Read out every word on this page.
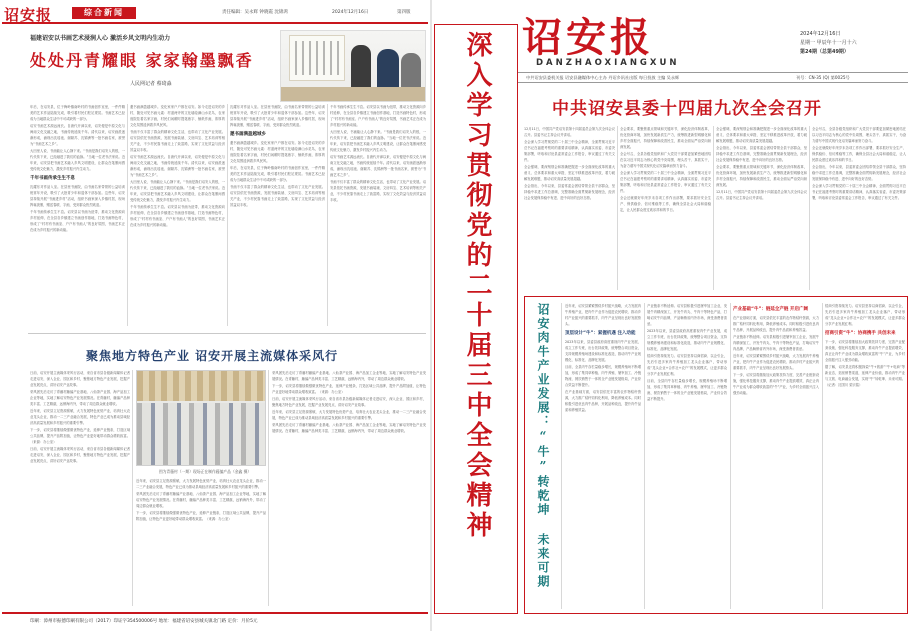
诏安报	综合新闻	责任编辑：吴永辉 钟晓霞 沈锦鸿	2024年12月16日	第四版
福建诏安以书画艺术浸润人心 激活乡风文明内生动力
处处丹青耀眼 家家翰墨飘香
人民网记者 蔡琦淼

年后，在诏安县，位于梅岭镇南岭村的书画创作室里，一件件精美的艺术作品陆续完成，吸引着村民们驻足观赏。书画艺术已经成为当地群众生活中不可或缺的一部分。

诏安书画艺术源远流长。自唐代开漳以来，诏安便是中原文化与闽南文化交融之地，书画传统延续千年。清代以来，诏安画派逐渐形成，涌现出沈瑶池、谢颖苏、沈锦洲等一批书画名家，被誉为“书画艺术之乡”。

大田里人说，书画能让人心静下来。“书画是我们诏安人的根，一代代传下来，已经融进了我们的血脉。”当地一位老书法家说。近年来，诏安县把书画艺术融入乡风文明建设，让群众在笔墨间感受传统文化魅力，激发乡村振兴内生动力。

千年书画传承生生不息

沈耀东对作品入室。在县里书画院，由书画名家带领的公益培训班常年开设，吸引了大批青少年和退休干部参加。这些年，诏安县持续开展“书画进乡村”活动，组织书画家深入乡镇村居，现场挥毫泼墨，赠送春联、字画，受到群众热烈欢迎。

千年书画传承生生不息。诏安县以书画为纽带，推动文化资源向乡村延伸，在全县各乡镇建立书画创作基地，打造书画特色村，形成了“村村有书画室、户户有书画人”的良好氛围，书画艺术正在成为乡村振兴的新动能。

邀书画满盈越城乡。变化家家户户都在诏安。如今走进诏安的乡村，随处可见书画元素：村道两旁的文化墙绘满山水花鸟，农家庭院挂着名家字画，村民们闲暇时提笔练字、铺纸作画，浓厚的文化氛围浸润着乡风民风。

书画不仅丰富了群众的精神文化生活，也带动了文化产业发展。诏安县依托书画资源，发展书画装裱、文房四宝、艺术培训等相关产业，不少村民靠书画走上了致富路，实现了文化效益与经济效益双丰收。

诏安书画艺术源远流长。自唐代开漳以来，诏安便是中原文化与闽南文化交融之地，书画传统延续千年。清代以来，诏安画派逐渐形成，涌现出沈瑶池、谢颖苏、沈锦洲等一批书画名家，被誉为“书画艺术之乡”。

大田里人说，书画能让人心静下来。“书画是我们诏安人的根，一代代传下来，已经融进了我们的血脉。”当地一位老书法家说。近年来，诏安县把书画艺术融入乡风文明建设，让群众在笔墨间感受传统文化魅力，激发乡村振兴内生动力。

千年书画传承生生不息。诏安县以书画为纽带，推动文化资源向乡村延伸，在全县各乡镇建立书画创作基地，打造书画特色村，形成了“村村有书画室、户户有书画人”的良好氛围，书画艺术正在成为乡村振兴的新动能。

沈耀东对作品入室。在县里书画院，由书画名家带领的公益培训班常年开设，吸引了大批青少年和退休干部参加。这些年，诏安县持续开展“书画进乡村”活动，组织书画家深入乡镇村居，现场挥毫泼墨，赠送春联、字画，受到群众热烈欢迎。

邀书画满盈越城乡

邀书画满盈越城乡。变化家家户户都在诏安。如今走进诏安的乡村，随处可见书画元素：村道两旁的文化墙绘满山水花鸟，农家庭院挂着名家字画，村民们闲暇时提笔练字、铺纸作画，浓厚的文化氛围浸润着乡风民风。

年后，在诏安县，位于梅岭镇南岭村的书画创作室里，一件件精美的艺术作品陆续完成，吸引着村民们驻足观赏。书画艺术已经成为当地群众生活中不可或缺的一部分。

书画不仅丰富了群众的精神文化生活，也带动了文化产业发展。诏安县依托书画资源，发展书画装裱、文房四宝、艺术培训等相关产业，不少村民靠书画走上了致富路，实现了文化效益与经济效益双丰收。

千年书画传承生生不息。诏安县以书画为纽带，推动文化资源向乡村延伸，在全县各乡镇建立书画创作基地，打造书画特色村，形成了“村村有书画室、户户有书画人”的良好氛围，书画艺术正在成为乡村振兴的新动能。

大田里人说，书画能让人心静下来。“书画是我们诏安人的根，一代代传下来，已经融进了我们的血脉。”当地一位老书法家说。近年来，诏安县把书画艺术融入乡风文明建设，让群众在笔墨间感受传统文化魅力，激发乡村振兴内生动力。

诏安书画艺术源远流长。自唐代开漳以来，诏安便是中原文化与闽南文化交融之地，书画传统延续千年。清代以来，诏安画派逐渐形成，涌现出沈瑶池、谢颖苏、沈锦洲等一批书画名家，被誉为“书画艺术之乡”。

书画不仅丰富了群众的精神文化生活，也带动了文化产业发展。诏安县依托书画资源，发展书画装裱、文房四宝、艺术培训等相关产业，不少村民靠书画走上了致富路，实现了文化效益与经济效益双丰收。

聚焦地方特色产业 诏安开展主流媒体采风行

日前，诏安开展主流媒体采风行活动，来自省市县各级新闻媒体记者走进诏安，深入企业、园区和乡村，聚焦地方特色产业发展，挖掘产业发展亮点，讲好诏安产业故事。

采风团先后走访了青藤村藤编产业基地、八仙茶产业园、海产品加工企业等地，实地了解诏安特色产业发展情况。在青藤村，藤编产品种类丰富、工艺精湛，远销海内外，带动了周边群众就业增收。

近年来，诏安县立足资源禀赋，大力发展特色优势产业，培育壮大农业龙头企业，推动一二三产业融合发展，特色产业已成为推动县域经济高质量发展和乡村振兴的重要引擎。

下一步，诏安县将继续做强做优特色产业，延伸产业链条，打造区域公共品牌，提升产品附加值，让特色产业更好地带动群众增收致富。（来源：办公室）

日前，诏安开展主流媒体采风行活动，来自省市县各级新闻媒体记者走进诏安，深入企业、园区和乡村，聚焦地方特色产业发展，挖掘产业发展亮点，讲好诏安产业故事。

图为青藤村（一期）现场正在制作藤编产品（金鑫 摄）

近年来，诏安县立足资源禀赋，大力发展特色优势产业，培育壮大农业龙头企业，推动一二三产业融合发展，特色产业已成为推动县域经济高质量发展和乡村振兴的重要引擎。

采风团先后走访了青藤村藤编产业基地、八仙茶产业园、海产品加工企业等地，实地了解诏安特色产业发展情况。在青藤村，藤编产品种类丰富、工艺精湛，远销海内外，带动了周边群众就业增收。

下一步，诏安县将继续做强做优特色产业，延伸产业链条，打造区域公共品牌，提升产品附加值，让特色产业更好地带动群众增收致富。（来源：办公室）

采风团先后走访了青藤村藤编产业基地、八仙茶产业园、海产品加工企业等地，实地了解诏安特色产业发展情况。在青藤村，藤编产品种类丰富、工艺精湛，远销海内外，带动了周边群众就业增收。

下一步，诏安县将继续做强做优特色产业，延伸产业链条，打造区域公共品牌，提升产品附加值，让特色产业更好地带动群众增收致富。（来源：办公室）

日前，诏安开展主流媒体采风行活动，来自省市县各级新闻媒体记者走进诏安，深入企业、园区和乡村，聚焦地方特色产业发展，挖掘产业发展亮点，讲好诏安产业故事。

近年来，诏安县立足资源禀赋，大力发展特色优势产业，培育壮大农业龙头企业，推动一二三产业融合发展，特色产业已成为推动县域经济高质量发展和乡村振兴的重要引擎。

采风团先后走访了青藤村藤编产业基地、八仙茶产业园、海产品加工企业等地，实地了解诏安特色产业发展情况。在青藤村，藤编产品种类丰富、工艺精湛，远销海内外，带动了周边群众就业增收。

印刷：漳州市振德印刷有限公司（2017）印证字354500006号 地址：福建省诏安县城关镇北门路 定价：月价5元
诏安报
DANZHAOXIANGXUN
2024年12月16日
星期一 甲辰年十一月十六
第24期（总第49期）
中共诏安县委机关报 诏安县融媒体中心主办 丹诏乡讯社出版 每日投放 主编 吴永辉	刊号：CN-35 (Q) 第0025号
深入学习贯彻党的二十届三中全会精神	中共诏安县委十四届九次全会召开

12月11日，中国共产党诏安县第十四届委员会第九次全体会议召开。县委书记主持会议并讲话。

全会深入学习贯彻党的二十届三中全会精神，全面贯彻习近平总书记在福建考察时的重要讲话精神，认真落实省委、市委决策部署，听取和讨论县委常委会工作报告，审议通过了有关文件。

全会强调，要深刻领会和准确把握进一步全面深化改革的重大意义、总体要求和重大举措，坚定不移推进改革开放，着力破解发展难题，推动诏安高质量发展超越。

全会指出，今年以来，县委常委会团结带领全县干部群众，坚持稳中求进工作总基调，完整准确全面贯彻新发展理念，经济社会发展保持稳中有进、进中向好的良好态势。

全会要求，要聚焦重点领域和关键环节，深化经济体制改革，优化营商环境，加快发展新质生产力，统筹推进新型城镇化和乡村全面振兴，持续保障和改善民生，推动全面从严治党向纵深发展。

全会号召，全县各级党组织和广大党员干部要更加紧密地团结在以习近平同志为核心的党中央周围，埋头苦干、真抓实干，为奋力谱写中国式现代化诏安篇章而努力奋斗。

全会深入学习贯彻党的二十届三中全会精神，全面贯彻习近平总书记在福建考察时的重要讲话精神，认真落实省委、市委决策部署，听取和讨论县委常委会工作报告，审议通过了有关文件。

全会还就做好年终岁末各项工作作出部署，要求抓好安全生产、保供稳价、信访维稳等工作，确保全县社会大局和谐稳定，让人民群众度过欢乐祥和的节日。

全会强调，要深刻领会和准确把握进一步全面深化改革的重大意义、总体要求和重大举措，坚定不移推进改革开放，着力破解发展难题，推动诏安高质量发展超越。

全会指出，今年以来，县委常委会团结带领全县干部群众，坚持稳中求进工作总基调，完整准确全面贯彻新发展理念，经济社会发展保持稳中有进、进中向好的良好态势。

全会要求，要聚焦重点领域和关键环节，深化经济体制改革，优化营商环境，加快发展新质生产力，统筹推进新型城镇化和乡村全面振兴，持续保障和改善民生，推动全面从严治党向纵深发展。

12月11日，中国共产党诏安县第十四届委员会第九次全体会议召开。县委书记主持会议并讲话。

全会号召，全县各级党组织和广大党员干部要更加紧密地团结在以习近平同志为核心的党中央周围，埋头苦干、真抓实干，为奋力谱写中国式现代化诏安篇章而努力奋斗。

全会还就做好年终岁末各项工作作出部署，要求抓好安全生产、保供稳价、信访维稳等工作，确保全县社会大局和谐稳定，让人民群众度过欢乐祥和的节日。

全会指出，今年以来，县委常委会团结带领全县干部群众，坚持稳中求进工作总基调，完整准确全面贯彻新发展理念，经济社会发展保持稳中有进、进中向好的良好态势。

全会深入学习贯彻党的二十届三中全会精神，全面贯彻习近平总书记在福建考察时的重要讲话精神，认真落实省委、市委决策部署，听取和讨论县委常委会工作报告，审议通过了有关文件。

诏安肉牛产业发展：“牛”转乾坤 未来可期	近年来，诏安县紧紧围绕乡村振兴战略，大力发展肉牛养殖产业，把肉牛产业作为促进农民增收、推动乡村产业振兴的重要抓手，肉牛产业呈现出良好发展势头。

顶层设计“牛”：紧握机遇 注入动能

2023年以来，县委县政府高度重视肉牛产业发展，成立工作专班，出台扶持政策，统筹整合项目资金，支持规模养殖场建设和标准化改造，推动肉牛产业规模化、标准化、品牌化发展。

目前，全县肉牛存栏量稳步增长，规模养殖场不断增加，形成了集饲草种植、肉牛养殖、屠宰加工、冷链物流、餐饮销售于一体的全产业链发展格局，产业综合效益不断提升。

在产业基础方面，诏安县依托丰富的农作物秸秆资源，大力推广秸秆饲料化利用，降低养殖成本。同时积极引进优良肉牛品种，开展品种改良，提升肉牛品质和养殖效益。

产业链条不断延伸。诏安县积极引进屠宰加工企业，发展牛肉精深加工，开发牛肉丸、牛肉干等特色产品，打响诏安牛肉品牌，产品畅销省内外市场，深受消费者喜爱。

2023年以来，县委县政府高度重视肉牛产业发展，成立工作专班，出台扶持政策，统筹整合项目资金，支持规模养殖场建设和标准化改造，推动肉牛产业规模化、标准化、品牌化发展。

招商引资持续发力。诏安县坚持以商招商、以企引企，先后引进多家肉牛养殖加工龙头企业落户，带动形成“龙头企业+合作社+农户”的发展模式，让更多群众分享产业发展红利。

目前，全县肉牛存栏量稳步增长，规模养殖场不断增加，形成了集饲草种植、肉牛养殖、屠宰加工、冷链物流、餐饮销售于一体的全产业链发展格局，产业综合效益不断提升。

产业基础“牛”：链延全产链 开启广阔

在产业基础方面，诏安县依托丰富的农作物秸秆资源，大力推广秸秆饲料化利用，降低养殖成本。同时积极引进优良肉牛品种，开展品种改良，提升肉牛品质和养殖效益。

产业链条不断延伸。诏安县积极引进屠宰加工企业，发展牛肉精深加工，开发牛肉丸、牛肉干等特色产品，打响诏安牛肉品牌，产品畅销省内外市场，深受消费者喜爱。

近年来，诏安县紧紧围绕乡村振兴战略，大力发展肉牛养殖产业，把肉牛产业作为促进农民增收、推动乡村产业振兴的重要抓手，肉牛产业呈现出良好发展势头。

下一步，诏安县将继续加大政策扶持力度，完善产业配套设施，强化科技服务支撑，推动肉牛产业提质增效，真正让肉牛产业成为群众增收致富的“牛”产业，为乡村全面振兴注入强劲动能。

招商引资持续发力。诏安县坚持以商招商、以企引企，先后引进多家肉牛养殖加工龙头企业落户，带动形成“龙头企业+合作社+农户”的发展模式，让更多群众分享产业发展红利。

招商引资“牛”：协商携手 共创未来

下一步，诏安县将继续加大政策扶持力度，完善产业配套设施，强化科技服务支撑，推动肉牛产业提质增效，真正让肉牛产业成为群众增收致富的“牛”产业，为乡村全面振兴注入强劲动能。

据了解，诏安县还将积极探索“牛+旅游”“牛+电商”等新业态，拓宽销售渠道，延伸产业价值，推动肉牛产业与文旅、电商融合发展，实现“牛”转乾坤、未来可期。（记者：沈国川 梁宗铭）
